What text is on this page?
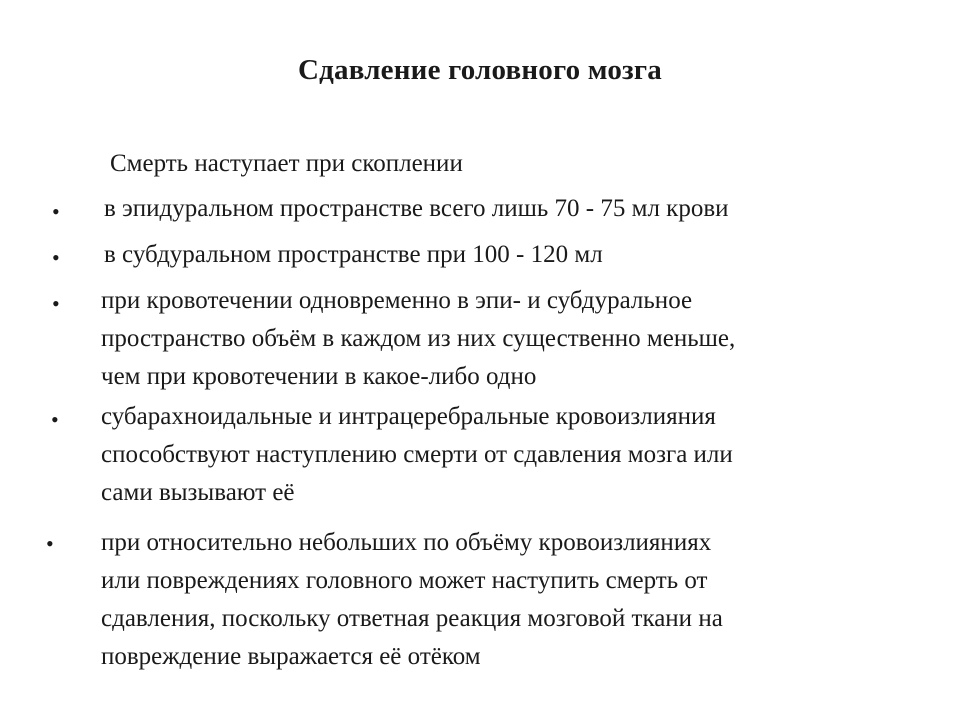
Сдавление головного мозга
Смерть наступает при скоплении
• в эпидуральном пространстве всего лишь 70 - 75 мл крови
• в субдуральном пространстве при 100 - 120 мл
• при кровотечении одновременно в эпи- и субдуральное
пространство объём в каждом из них существенно меньше,
чем при кровотечении в какое-либо одно
• субарахноидальные и интрацеребральные кровоизлияния
способствуют наступлению смерти от сдавления мозга или
сами вызывают её
• при относительно небольших по объёму кровоизлияниях
или повреждениях головного может наступить смерть от
сдавления, поскольку ответная реакция мозговой ткани на
повреждение выражается её отёком
